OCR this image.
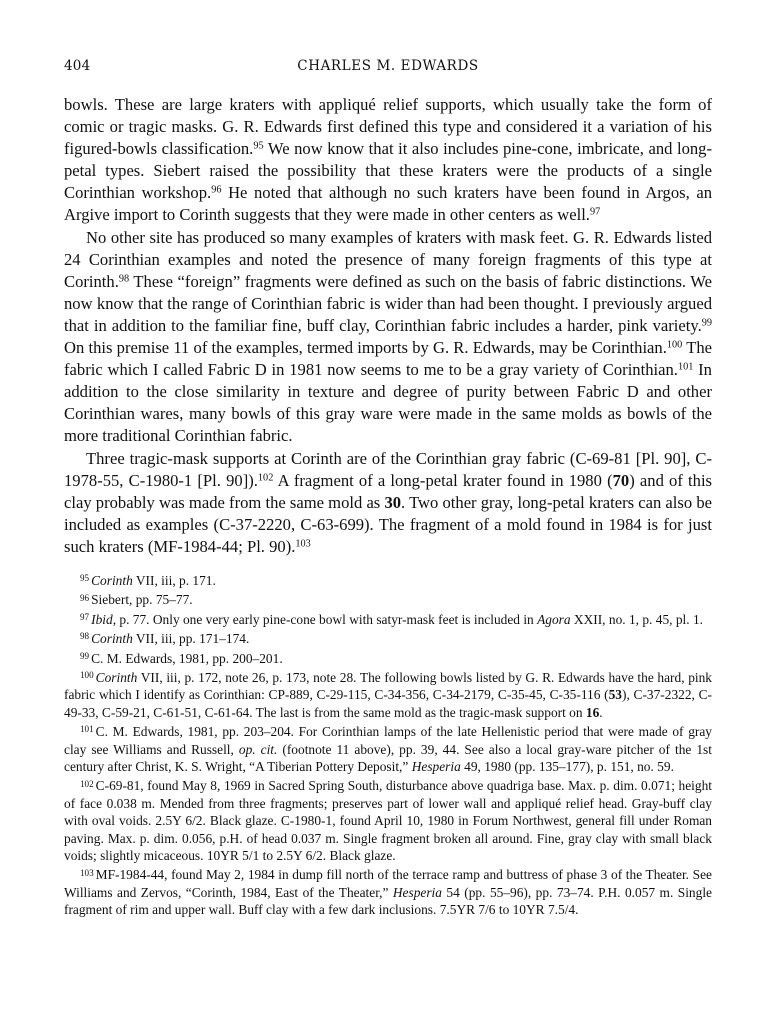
404	CHARLES M. EDWARDS

bowls. These are large kraters with appliqué relief supports, which usually take the form of comic or tragic masks. G. R. Edwards first defined this type and considered it a variation of his figured-bowls classification.$^{95}$ We now know that it also includes pine-cone, imbricate, and long-petal types. Siebert raised the possibility that these kraters were the products of a single Corinthian workshop.$^{96}$ He noted that although no such kraters have been found in Argos, an Argive import to Corinth suggests that they were made in other centers as well.$^{97}$

No other site has produced so many examples of kraters with mask feet. G. R. Edwards listed 24 Corinthian examples and noted the presence of many foreign fragments of this type at Corinth.$^{98}$ These “foreign” fragments were defined as such on the basis of fabric distinctions. We now know that the range of Corinthian fabric is wider than had been thought. I previously argued that in addition to the familiar fine, buff clay, Corinthian fabric includes a harder, pink variety.$^{99}$ On this premise 11 of the examples, termed imports by G. R. Edwards, may be Corinthian.$^{100}$ The fabric which I called Fabric D in 1981 now seems to me to be a gray variety of Corinthian.$^{101}$ In addition to the close similarity in texture and degree of purity between Fabric D and other Corinthian wares, many bowls of this gray ware were made in the same molds as bowls of the more traditional Corinthian fabric.

Three tragic-mask supports at Corinth are of the Corinthian gray fabric (C-69-81 [Pl. 90], C-1978-55, C-1980-1 [Pl. 90]).$^{102}$ A fragment of a long-petal krater found in 1980 (70) and of this clay probably was made from the same mold as 30. Two other gray, long-petal kraters can also be included as examples (C-37-2220, C-63-699). The fragment of a mold found in 1984 is for just such kraters (MF-1984-44; Pl. 90).$^{103}$

$^{95}$ Corinth VII, iii, p. 171.
$^{96}$ Siebert, pp. 75–77.
$^{97}$ Ibid, p. 77. Only one very early pine-cone bowl with satyr-mask feet is included in Agora XXII, no. 1, p. 45, pl. 1.
$^{98}$ Corinth VII, iii, pp. 171–174.
$^{99}$ C. M. Edwards, 1981, pp. 200–201.
$^{100}$ Corinth VII, iii, p. 172, note 26, p. 173, note 28. The following bowls listed by G. R. Edwards have the hard, pink fabric which I identify as Corinthian: CP-889, C-29-115, C-34-356, C-34-2179, C-35-45, C-35-116 (53), C-37-2322, C-49-33, C-59-21, C-61-51, C-61-64. The last is from the same mold as the tragic-mask support on 16.
$^{101}$ C. M. Edwards, 1981, pp. 203–204. For Corinthian lamps of the late Hellenistic period that were made of gray clay see Williams and Russell, op. cit. (footnote 11 above), pp. 39, 44. See also a local gray-ware pitcher of the 1st century after Christ, K. S. Wright, “A Tiberian Pottery Deposit,” Hesperia 49, 1980 (pp. 135–177), p. 151, no. 59.
$^{102}$ C-69-81, found May 8, 1969 in Sacred Spring South, disturbance above quadriga base. Max. p. dim. 0.071; height of face 0.038 m. Mended from three fragments; preserves part of lower wall and appliqué relief head. Gray-buff clay with oval voids. 2.5Y 6/2. Black glaze. C-1980-1, found April 10, 1980 in Forum Northwest, general fill under Roman paving. Max. p. dim. 0.056, p.H. of head 0.037 m. Single fragment broken all around. Fine, gray clay with small black voids; slightly micaceous. 10YR 5/1 to 2.5Y 6/2. Black glaze.
$^{103}$ MF-1984-44, found May 2, 1984 in dump fill north of the terrace ramp and buttress of phase 3 of the Theater. See Williams and Zervos, “Corinth, 1984, East of the Theater,” Hesperia 54 (pp. 55–96), pp. 73–74. P.H. 0.057 m. Single fragment of rim and upper wall. Buff clay with a few dark inclusions. 7.5YR 7/6 to 10YR 7.5/4.
